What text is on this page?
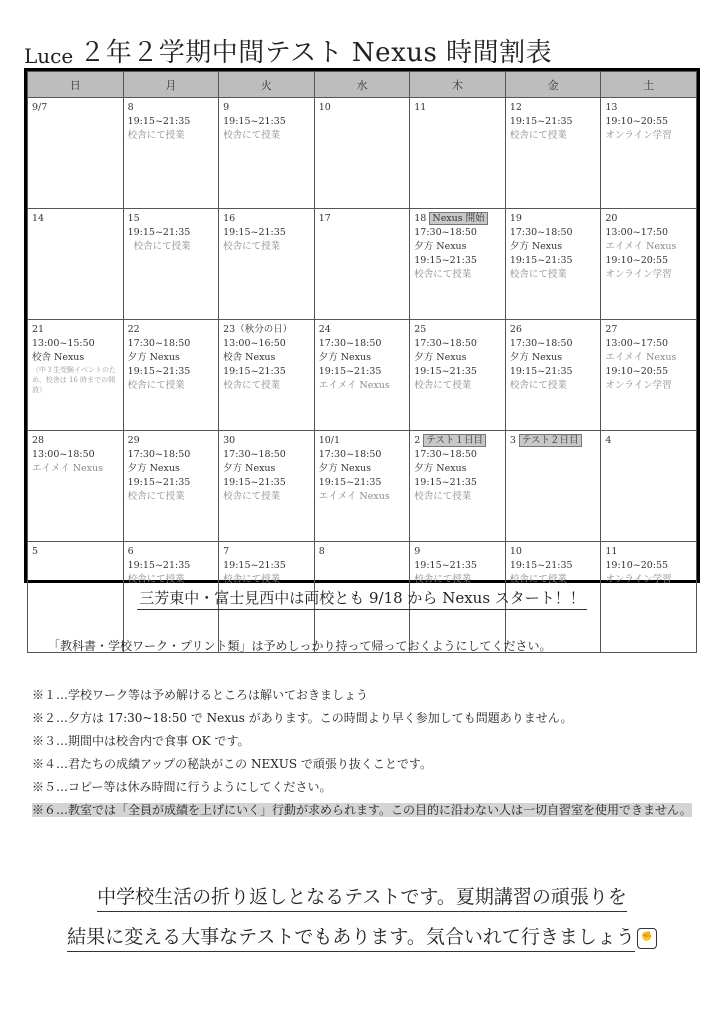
Luce ２年２学期中間テスト Nexus 時間割表
日	月	火	水	木	金	土

9/7	8
19:15~21:35
校舎にて授業	9
19:15~21:35
校舎にて授業	10	11	12
19:15~21:35
校舎にて授業	13
19:10~20:55
オンライン学習

14	15
19:15~21:35
校舎にて授業	16
19:15~21:35
校舎にて授業	17	18 Nexus 開始
17:30~18:50
夕方 Nexus
19:15~21:35
校舎にて授業	19
17:30~18:50
夕方 Nexus
19:15~21:35
校舎にて授業	20
13:00~17:50
エイメイ Nexus
19:10~20:55
オンライン学習

21
13:00~15:50
校舎 Nexus
（中３生受験イベントのため、校舎は 16 時までの開放）	22
17:30~18:50
夕方 Nexus
19:15~21:35
校舎にて授業	23（秋分の日）
13:00~16:50
校舎 Nexus
19:15~21:35
校舎にて授業	24
17:30~18:50
夕方 Nexus
19:15~21:35
エイメイ Nexus	25
17:30~18:50
夕方 Nexus
19:15~21:35
校舎にて授業	26
17:30~18:50
夕方 Nexus
19:15~21:35
校舎にて授業	27
13:00~17:50
エイメイ Nexus
19:10~20:55
オンライン学習

28
13:00~18:50
エイメイ Nexus	29
17:30~18:50
夕方 Nexus
19:15~21:35
校舎にて授業	30
17:30~18:50
夕方 Nexus
19:15~21:35
校舎にて授業	10/1
17:30~18:50
夕方 Nexus
19:15~21:35
エイメイ Nexus	2 テスト１日目
17:30~18:50
夕方 Nexus
19:15~21:35
校舎にて授業	3 テスト２日目	4

5	6
19:15~21:35
校舎にて授業	7
19:15~21:35
校舎にて授業	8	9
19:15~21:35
校舎にて授業	10
19:15~21:35
校舎にて授業	11
19:10~20:55
オンライン学習
三芳東中・富士見西中は両校とも 9/18 から Nexus スタート！！
「教科書・学校ワーク・プリント類」は予めしっかり持って帰っておくようにしてください。
※１…学校ワーク等は予め解けるところは解いておきましょう
※２…夕方は 17:30~18:50 で Nexus があります。この時間より早く参加しても問題ありません。
※３…期間中は校舎内で食事 OK です。
※４…君たちの成績アップの秘訣がこの NEXUS で頑張り抜くことです。
※５…コピー等は休み時間に行うようにしてください。
※６…教室では「全員が成績を上げにいく」行動が求められます。この目的に沿わない人は一切自習室を使用できません。
中学校生活の折り返しとなるテストです。夏期講習の頑張りを
結果に変える大事なテストでもあります。気合いれて行きましょう ✊
